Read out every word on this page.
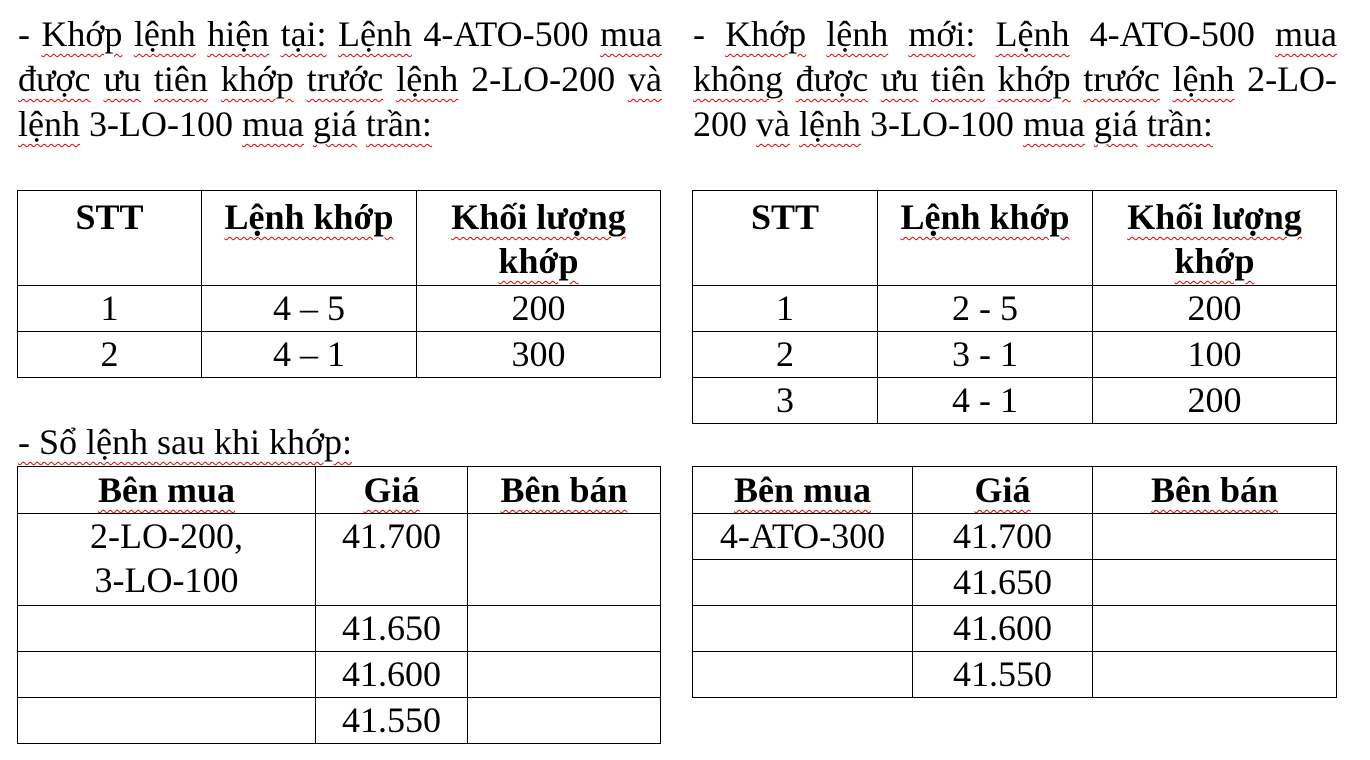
- Khớp lệnh hiện tại: Lệnh 4-ATO-500 mua được ưu tiên khớp trước lệnh 2-LO-200 và lệnh 3-LO-100 mua giá trần:
- Khớp lệnh mới: Lệnh 4-ATO-500 mua không được ưu tiên khớp trước lệnh 2-LO-200 và lệnh 3-LO-100 mua giá trần:
STT	Lệnh khớp	Khối lượng khớp
1	4 – 5	200
2	4 – 1	300
STT	Lệnh khớp	Khối lượng khớp
1	2 - 5	200
2	3 - 1	100
3	4 - 1	200
- Sổ lệnh sau khi khớp:
Bên mua	Giá	Bên bán
2-LO-200, 3-LO-100	41.700	
	41.650	
	41.600	
	41.550	
Bên mua	Giá	Bên bán
4-ATO-300	41.700	
	41.650	
	41.600	
	41.550	
